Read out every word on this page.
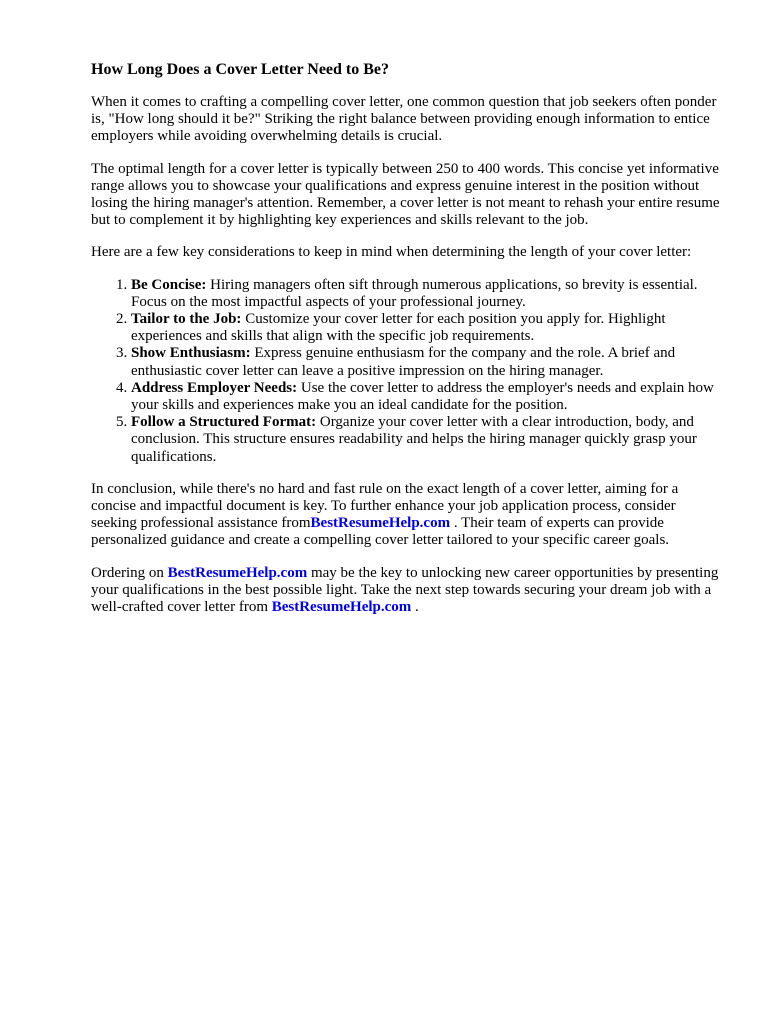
How Long Does a Cover Letter Need to Be?

When it comes to crafting a compelling cover letter, one common question that job seekers often ponder is, "How long should it be?" Striking the right balance between providing enough information to entice employers while avoiding overwhelming details is crucial.

The optimal length for a cover letter is typically between 250 to 400 words. This concise yet informative range allows you to showcase your qualifications and express genuine interest in the position without losing the hiring manager's attention. Remember, a cover letter is not meant to rehash your entire resume but to complement it by highlighting key experiences and skills relevant to the job.

Here are a few key considerations to keep in mind when determining the length of your cover letter:

1. Be Concise: Hiring managers often sift through numerous applications, so brevity is essential. Focus on the most impactful aspects of your professional journey.
2. Tailor to the Job: Customize your cover letter for each position you apply for. Highlight experiences and skills that align with the specific job requirements.
3. Show Enthusiasm: Express genuine enthusiasm for the company and the role. A brief and enthusiastic cover letter can leave a positive impression on the hiring manager.
4. Address Employer Needs: Use the cover letter to address the employer's needs and explain how your skills and experiences make you an ideal candidate for the position.
5. Follow a Structured Format: Organize your cover letter with a clear introduction, body, and conclusion. This structure ensures readability and helps the hiring manager quickly grasp your qualifications.

In conclusion, while there's no hard and fast rule on the exact length of a cover letter, aiming for a concise and impactful document is key. To further enhance your job application process, consider seeking professional assistance fromBestResumeHelp.com . Their team of experts can provide personalized guidance and create a compelling cover letter tailored to your specific career goals.

Ordering on BestResumeHelp.com may be the key to unlocking new career opportunities by presenting your qualifications in the best possible light. Take the next step towards securing your dream job with a well-crafted cover letter from BestResumeHelp.com .
